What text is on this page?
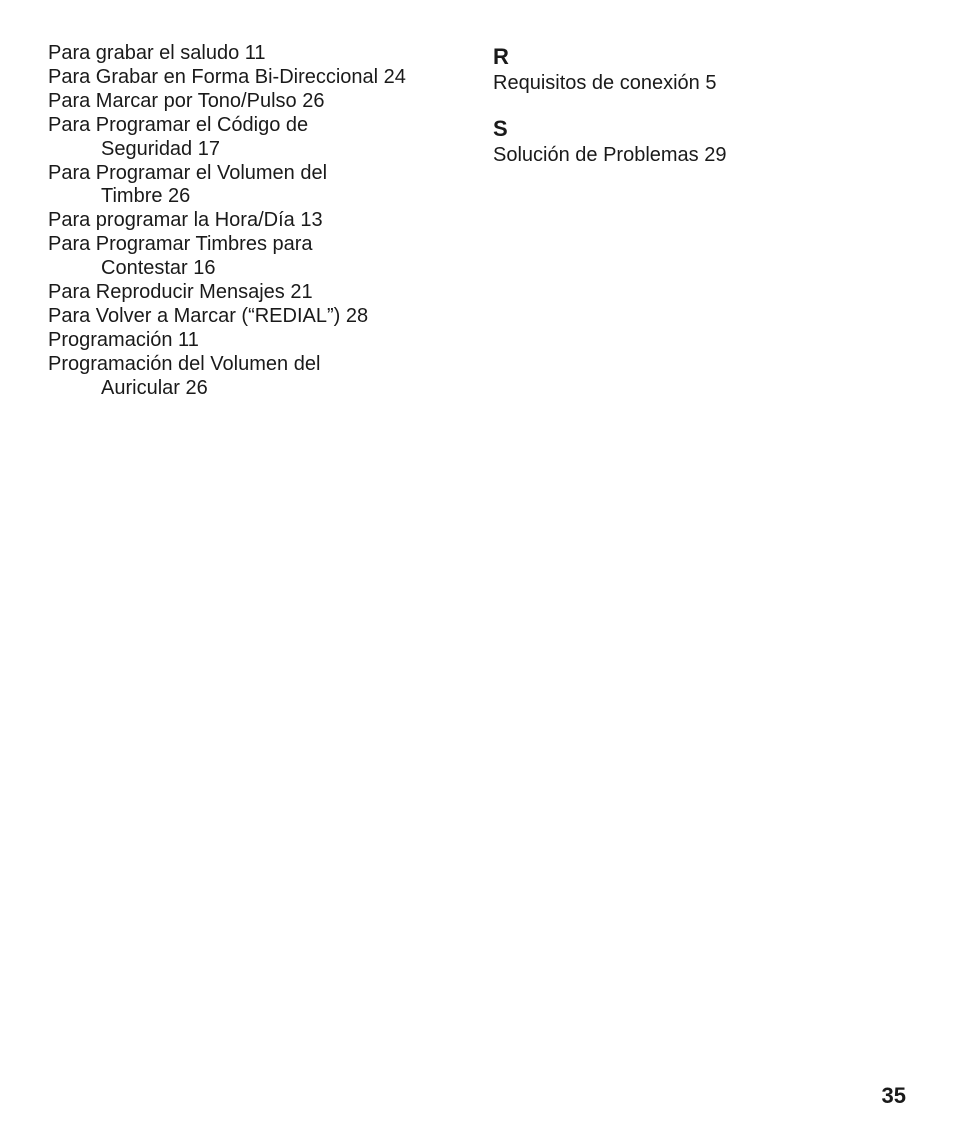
Para grabar el saludo 11
Para Grabar en Forma Bi-Direccional 24
Para Marcar por Tono/Pulso 26
Para Programar el Código de
Seguridad 17
Para Programar el Volumen del
Timbre 26
Para programar la Hora/Día 13
Para Programar Timbres para
Contestar 16
Para Reproducir Mensajes 21
Para Volver a Marcar (“REDIAL”) 28
Programación 11
Programación del Volumen del
Auricular 26
R
Requisitos de conexión 5
S
Solución de Problemas 29
35
